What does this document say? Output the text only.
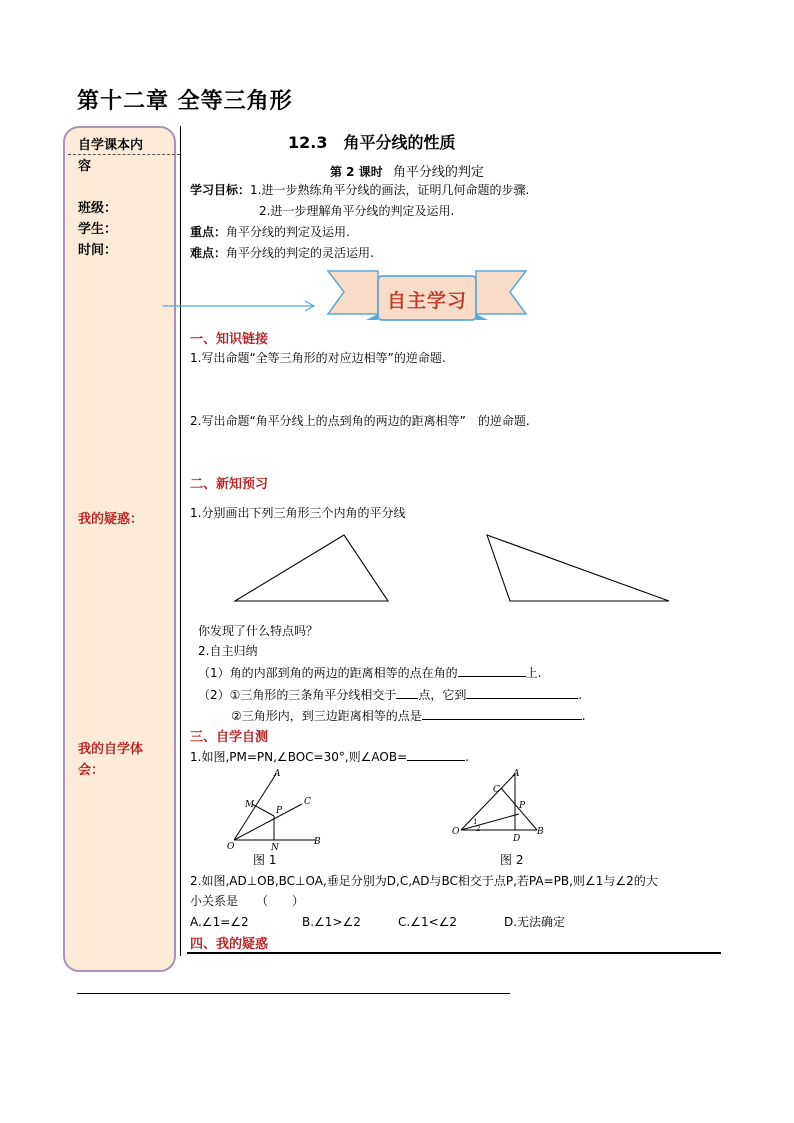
第十二章 全等三角形
自学课本内
容
班级：
学生：
时间：
我的疑惑：
我的自学体
会：
12.3　角平分线的性质
第 2 课时 角平分线的判定
学习目标：1.进一步熟练角平分线的画法，证明几何命题的步骤.
2.进一步理解角平分线的判定及运用.
重点：角平分线的判定及运用.
难点：角平分线的判定的灵活运用.
自主学习
一、知识链接
1.写出命题“全等三角形的对应边相等”的逆命题.
2.写出命题“角平分线上的点到角的两边的距离相等”　的逆命题.
二、新知预习
1.分别画出下列三角形三个内角的平分线
你发现了什么特点吗？
2.自主归纳
（1）角的内部到角的两边的距离相等的点在角的	上.
（2）①三角形的三条角平分线相交于 点，它到	.
②三角形内，到三边距离相等的点是	.
三、自学自测
1.如图,PM=PN,∠BOC=30°,则∠AOB=	.
A
M
P
C
O	N
B
图 1
A
C
P
1
2
O
D
B
图 2
2.如图,AD⊥OB,BC⊥OA,垂足分别为D,C,AD与BC相交于点P,若PA=PB,则∠1与∠2的大
小关系是　　（　　）
A.∠1=∠2	B.∠1>∠2	C.∠1<∠2	D.无法确定
四、我的疑惑
